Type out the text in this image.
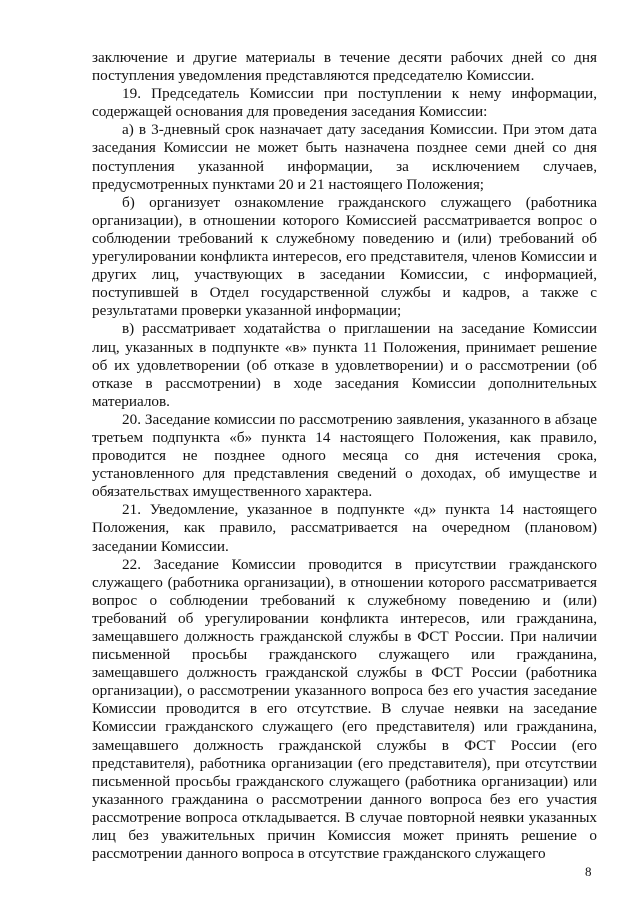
заключение и другие материалы в течение десяти рабочих дней со дня поступления уведомления представляются председателю Комиссии.

19. Председатель Комиссии при поступлении к нему информации, содержащей основания для проведения заседания Комиссии:

а) в 3-дневный срок назначает дату заседания Комиссии. При этом дата заседания Комиссии не может быть назначена позднее семи дней со дня поступления указанной информации, за исключением случаев, предусмотренных пунктами 20 и 21 настоящего Положения;

б) организует ознакомление гражданского служащего (работника организации), в отношении которого Комиссией рассматривается вопрос о соблюдении требований к служебному поведению и (или) требований об урегулировании конфликта интересов, его представителя, членов Комиссии и других лиц, участвующих в заседании Комиссии, с информацией, поступившей в Отдел государственной службы и кадров, а также с результатами проверки указанной информации;

в) рассматривает ходатайства о приглашении на заседание Комиссии лиц, указанных в подпункте «в» пункта 11 Положения, принимает решение об их удовлетворении (об отказе в удовлетворении) и о рассмотрении (об отказе в рассмотрении) в ходе заседания Комиссии дополнительных материалов.

20. Заседание комиссии по рассмотрению заявления, указанного в абзаце третьем подпункта «б» пункта 14 настоящего Положения, как правило, проводится не позднее одного месяца со дня истечения срока, установленного для представления сведений о доходах, об имуществе и обязательствах имущественного характера.

21. Уведомление, указанное в подпункте «д» пункта 14 настоящего Положения, как правило, рассматривается на очередном (плановом) заседании Комиссии.

22. Заседание Комиссии проводится в присутствии гражданского служащего (работника организации), в отношении которого рассматривается вопрос о соблюдении требований к служебному поведению и (или) требований об урегулировании конфликта интересов, или гражданина, замещавшего должность гражданской службы в ФСТ России. При наличии письменной просьбы гражданского служащего или гражданина, замещавшего должность гражданской службы в ФСТ России (работника организации), о рассмотрении указанного вопроса без его участия заседание Комиссии проводится в его отсутствие. В случае неявки на заседание Комиссии гражданского служащего (его представителя) или гражданина, замещавшего должность гражданской службы в ФСТ России (его представителя), работника организации (его представителя), при отсутствии письменной просьбы гражданского служащего (работника организации) или указанного гражданина о рассмотрении данного вопроса без его участия рассмотрение вопроса откладывается. В случае повторной неявки указанных лиц без уважительных причин Комиссия может принять решение о рассмотрении данного вопроса в отсутствие гражданского служащего

8
